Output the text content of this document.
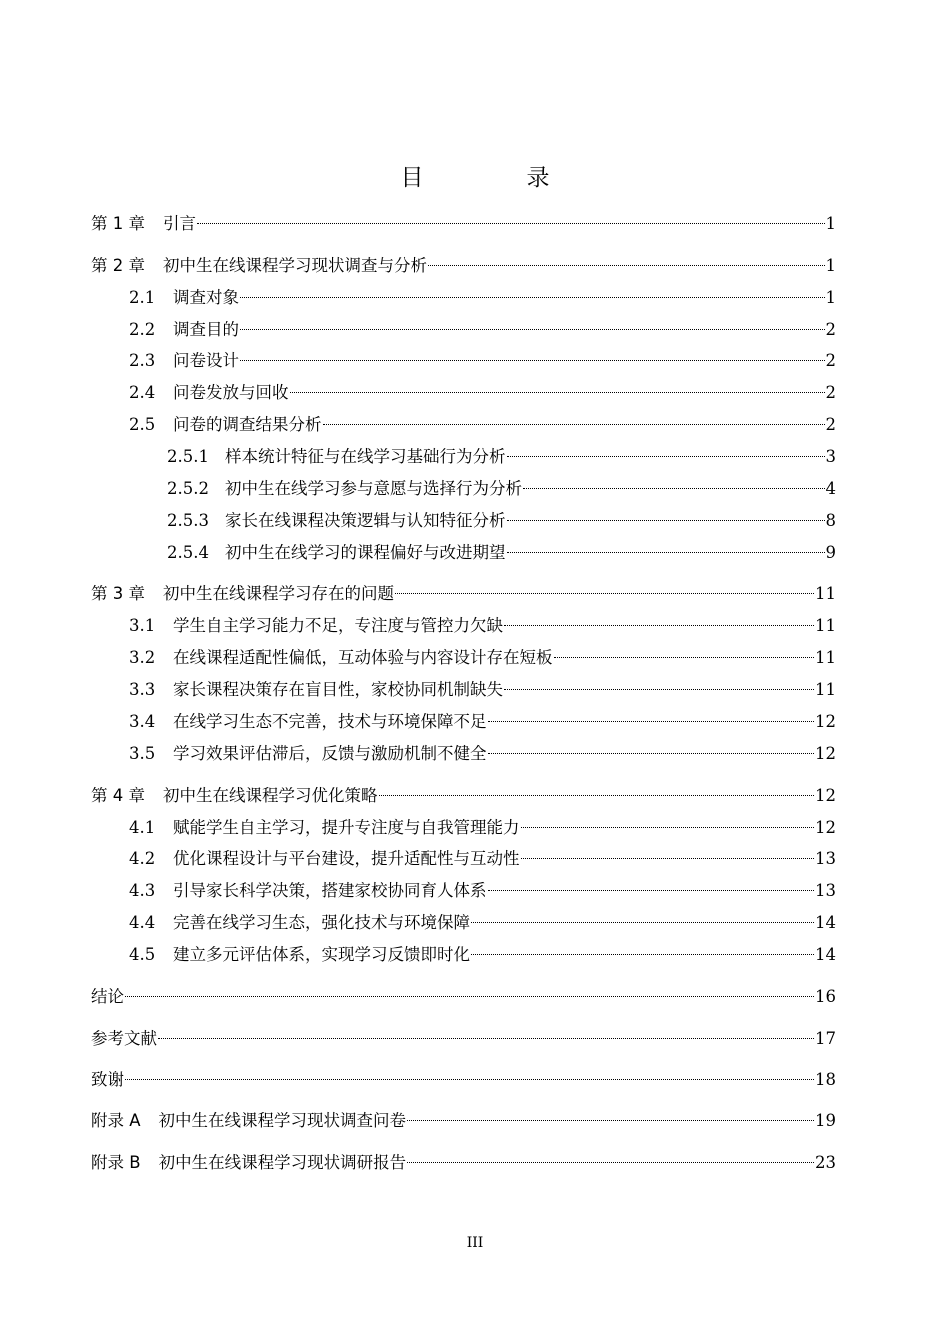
目　录
第 1 章 引言	1
第 2 章 初中生在线课程学习现状调查与分析	1
2.1	调查对象	1
2.2	调查目的	2
2.3	问卷设计	2
2.4	问卷发放与回收	2
2.5	问卷的调查结果分析	2
2.5.1 样本统计特征与在线学习基础行为分析	3
2.5.2 初中生在线学习参与意愿与选择行为分析	4
2.5.3 家长在线课程决策逻辑与认知特征分析	8
2.5.4 初中生在线学习的课程偏好与改进期望	9
第 3 章 初中生在线课程学习存在的问题	11
3.1	学生自主学习能力不足，专注度与管控力欠缺	11
3.2	在线课程适配性偏低，互动体验与内容设计存在短板	11
3.3	家长课程决策存在盲目性，家校协同机制缺失	11
3.4	在线学习生态不完善，技术与环境保障不足	12
3.5	学习效果评估滞后，反馈与激励机制不健全	12
第 4 章 初中生在线课程学习优化策略	12
4.1	赋能学生自主学习，提升专注度与自我管理能力	12
4.2	优化课程设计与平台建设，提升适配性与互动性	13
4.3	引导家长科学决策，搭建家校协同育人体系	13
4.4	完善在线学习生态，强化技术与环境保障	14
4.5	建立多元评估体系，实现学习反馈即时化	14
结论	16
参考文献	17
致谢	18
附录 A 初中生在线课程学习现状调查问卷	19
附录 B 初中生在线课程学习现状调研报告	23
III
